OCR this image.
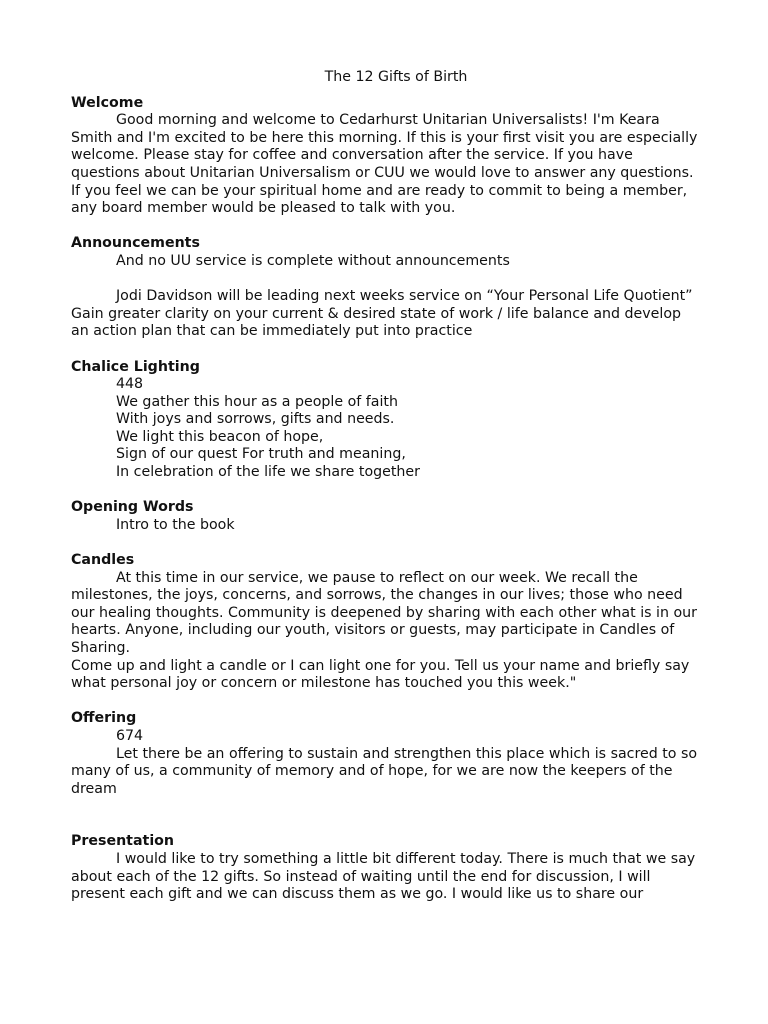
The 12 Gifts of Birth

Welcome

Good morning and welcome to Cedarhurst Unitarian Universalists! I'm Keara Smith and I'm excited to be here this morning. If this is your first visit you are especially welcome. Please stay for coffee and conversation after the service. If you have questions about Unitarian Universalism or CUU we would love to answer any questions. If you feel we can be your spiritual home and are ready to commit to being a member, any board member would be pleased to talk with you.

Announcements

And no UU service is complete without announcements

Jodi Davidson will be leading next weeks service on “Your Personal Life Quotient” Gain greater clarity on your current & desired state of work / life balance and develop an action plan that can be immediately put into practice

Chalice Lighting

448

We gather this hour as a people of faith

With joys and sorrows, gifts and needs.

We light this beacon of hope,

Sign of our quest For truth and meaning,

In celebration of the life we share together

Opening Words

Intro to the book

Candles

At this time in our service, we pause to reflect on our week. We recall the milestones, the joys, concerns, and sorrows, the changes in our lives; those who need our healing thoughts. Community is deepened by sharing with each other what is in our hearts. Anyone, including our youth, visitors or guests, may participate in Candles of Sharing.

Come up and light a candle or I can light one for you. Tell us your name and briefly say what personal joy or concern or milestone has touched you this week."

Offering

674

Let there be an offering to sustain and strengthen this place which is sacred to so many of us, a community of memory and of hope, for we are now the keepers of the dream

Presentation

I would like to try something a little bit different today. There is much that we say about each of the 12 gifts. So instead of waiting until the end for discussion, I will present each gift and we can discuss them as we go. I would like us to share our
